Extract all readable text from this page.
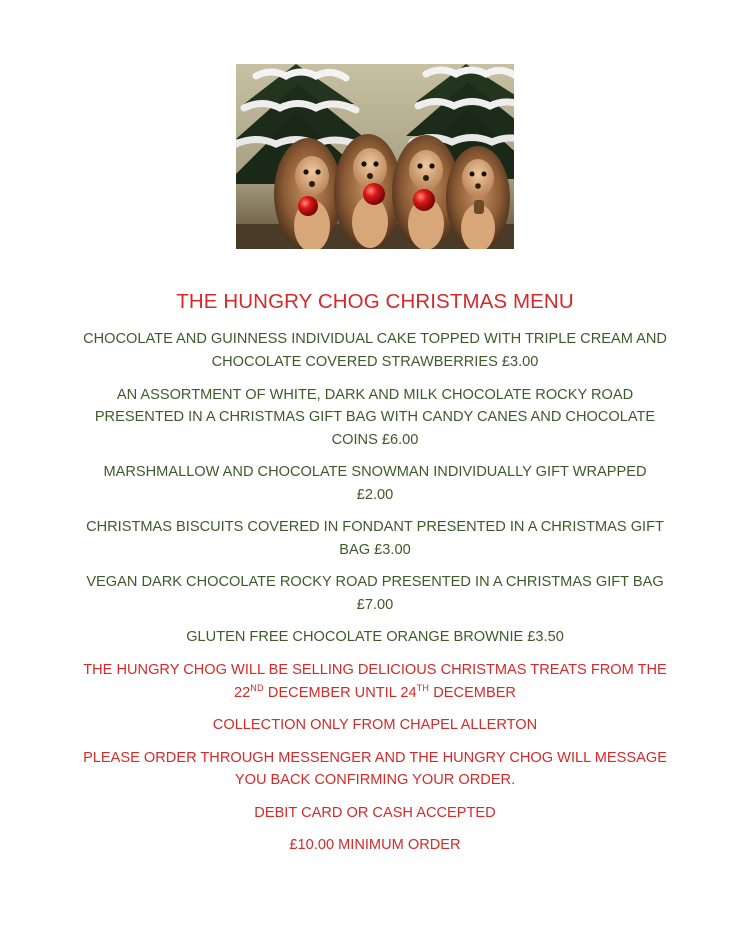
THE HUNGRY CHOG CHRISTMAS MENU
CHOCOLATE AND GUINNESS INDIVIDUAL CAKE TOPPED WITH TRIPLE CREAM AND
CHOCOLATE COVERED STRAWBERRIES £3.00
AN ASSORTMENT OF WHITE, DARK AND MILK CHOCOLATE ROCKY ROAD
PRESENTED IN A CHRISTMAS GIFT BAG WITH CANDY CANES AND CHOCOLATE
COINS £6.00
MARSHMALLOW AND CHOCOLATE SNOWMAN INDIVIDUALLY GIFT WRAPPED
£2.00
CHRISTMAS BISCUITS COVERED IN FONDANT PRESENTED IN A CHRISTMAS GIFT
BAG £3.00
VEGAN DARK CHOCOLATE ROCKY ROAD PRESENTED IN A CHRISTMAS GIFT BAG
£7.00
GLUTEN FREE CHOCOLATE ORANGE BROWNIE £3.50
THE HUNGRY CHOG WILL BE SELLING DELICIOUS CHRISTMAS TREATS FROM THE
22ND DECEMBER UNTIL 24TH DECEMBER
COLLECTION ONLY FROM CHAPEL ALLERTON
PLEASE ORDER THROUGH MESSENGER AND THE HUNGRY CHOG WILL MESSAGE
YOU BACK CONFIRMING YOUR ORDER.
DEBIT CARD OR CASH ACCEPTED
£10.00 MINIMUM ORDER
